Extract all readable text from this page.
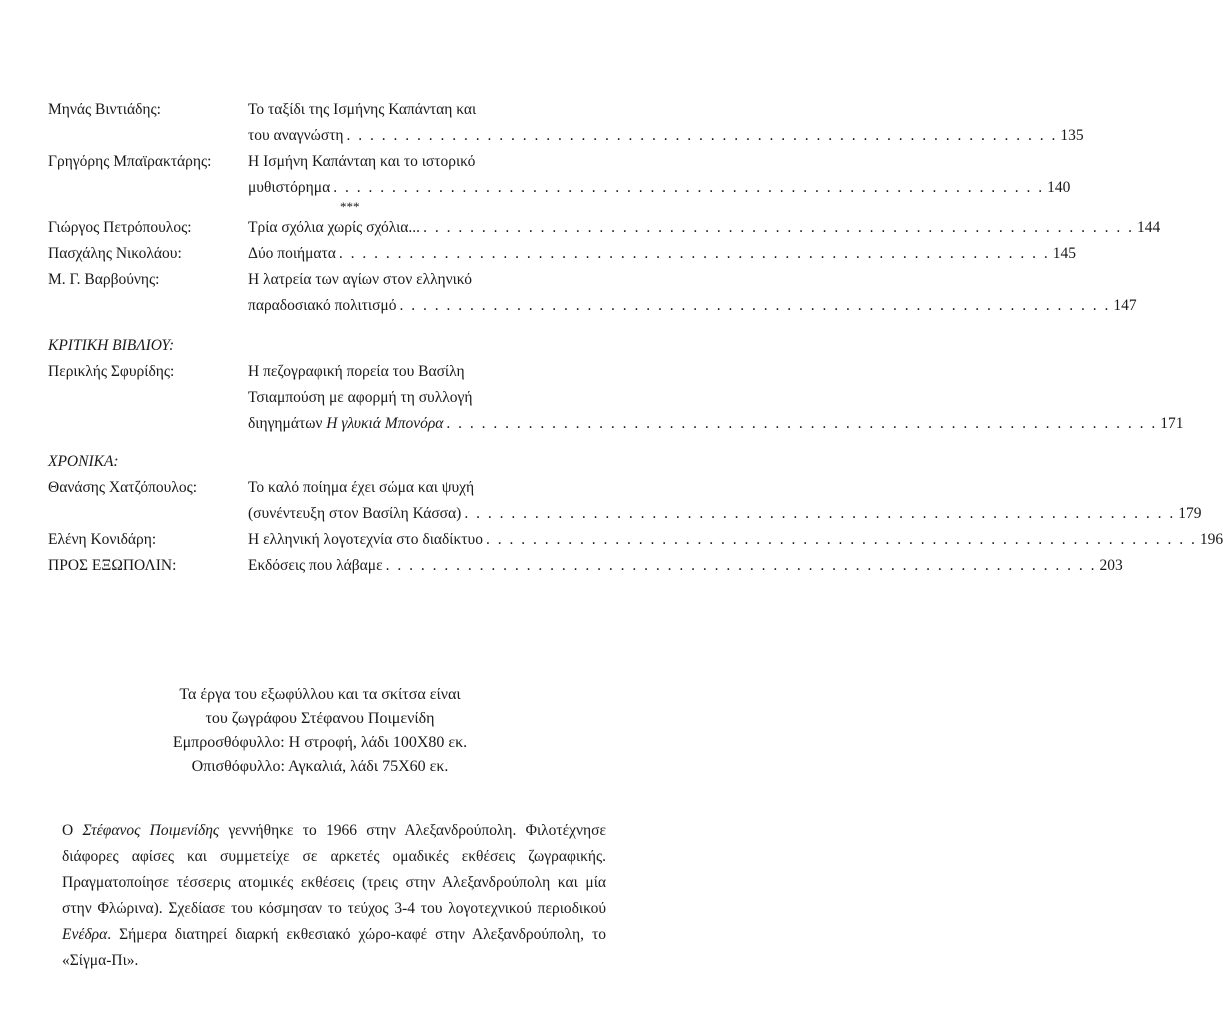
Μηνάς Βιντιάδης:	Το ταξίδι της Ισμήνης Καπάνταη και
του αναγνώστη . . .	135
Γρηγόρης Μπαϊρακτάρης:	Η Ισμήνη Καπάνταη και το ιστορικό
μυθιστόρημα . . .	140
***
Γιώργος Πετρόπουλος:	Τρία σχόλια χωρίς σχόλια... . . .	144
Πασχάλης Νικολάου:	Δύο ποιήματα . . .	145
Μ. Γ. Βαρβούνης:	Η λατρεία των αγίων στον ελληνικό
παραδοσιακό πολιτισμό . . .	147
ΚΡΙΤΙΚΗ ΒΙΒΛΙΟΥ:
Περικλής Σφυρίδης:	Η πεζογραφική πορεία του Βασίλη
Τσιαμπούση με αφορμή τη συλλογή
διηγημάτων Η γλυκιά Μπονόρα . . .	171
ΧΡΟΝΙΚΑ:
Θανάσης Χατζόπουλος:	Το καλό ποίημα έχει σώμα και ψυχή
(συνέντευξη στον Βασίλη Κάσσα) . . .	179
Ελένη Κονιδάρη:	Η ελληνική λογοτεχνία στο διαδίκτυο . . .	196
ΠΡΟΣ ΕΞΩΠΟΛΙΝ:	Εκδόσεις που λάβαμε . . .	203
Τα έργα του εξωφύλλου και τα σκίτσα είναι
του ζωγράφου Στέφανου Ποιμενίδη
Εμπροσθόφυλλο: Η στροφή, λάδι 100Χ80 εκ.
Οπισθόφυλλο: Αγκαλιά, λάδι 75Χ60 εκ.
Ο Στέφανος Ποιμενίδης γεννήθηκε το 1966 στην Αλεξανδρούπολη. Φιλοτέχνησε διάφορες αφίσες και συμμετείχε σε αρκετές ομαδικές εκθέσεις ζωγραφικής. Πραγματοποίησε τέσσερις ατομικές εκθέσεις (τρεις στην Αλεξανδρούπολη και μία στην Φλώρινα). Σχεδίασε του κόσμησαν το τεύχος 3-4 του λογοτεχνικού περιοδικού Ενέδρα. Σήμερα διατηρεί διαρκή εκθεσιακό χώρο-καφέ στην Αλεξανδρούπολη, το «Σίγμα-Πι».
